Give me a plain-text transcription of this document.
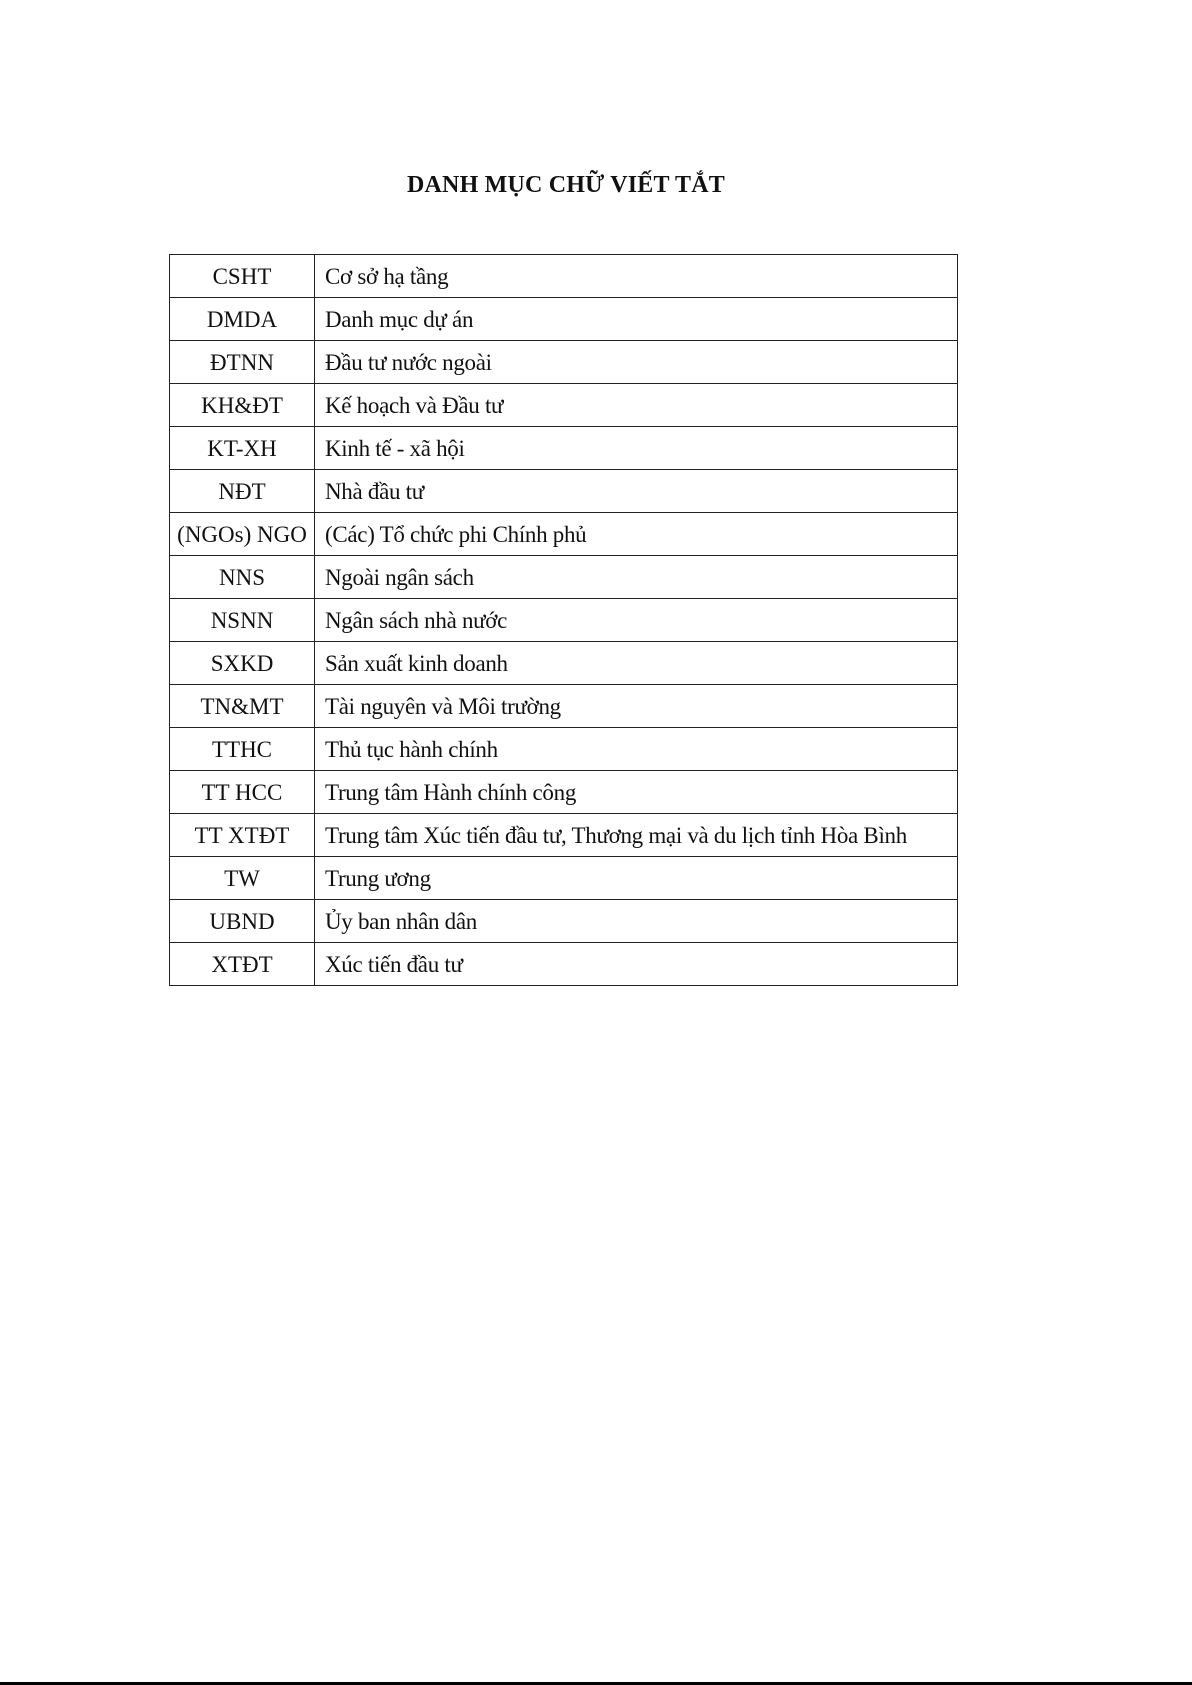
DANH MỤC CHỮ VIẾT TẮT
CSHT	Cơ sở hạ tầng
DMDA	Danh mục dự án
ĐTNN	Đầu tư nước ngoài
KH&ĐT	Kế hoạch và Đầu tư
KT-XH	Kinh tế - xã hội
NĐT	Nhà đầu tư
(NGOs) NGO	(Các) Tổ chức phi Chính phủ
NNS	Ngoài ngân sách
NSNN	Ngân sách nhà nước
SXKD	Sản xuất kinh doanh
TN&MT	Tài nguyên và Môi trường
TTHC	Thủ tục hành chính
TT HCC	Trung tâm Hành chính công
TT XTĐT	Trung tâm Xúc tiến đầu tư, Thương mại và du lịch tỉnh Hòa Bình
TW	Trung ương
UBND	Ủy ban nhân dân
XTĐT	Xúc tiến đầu tư
